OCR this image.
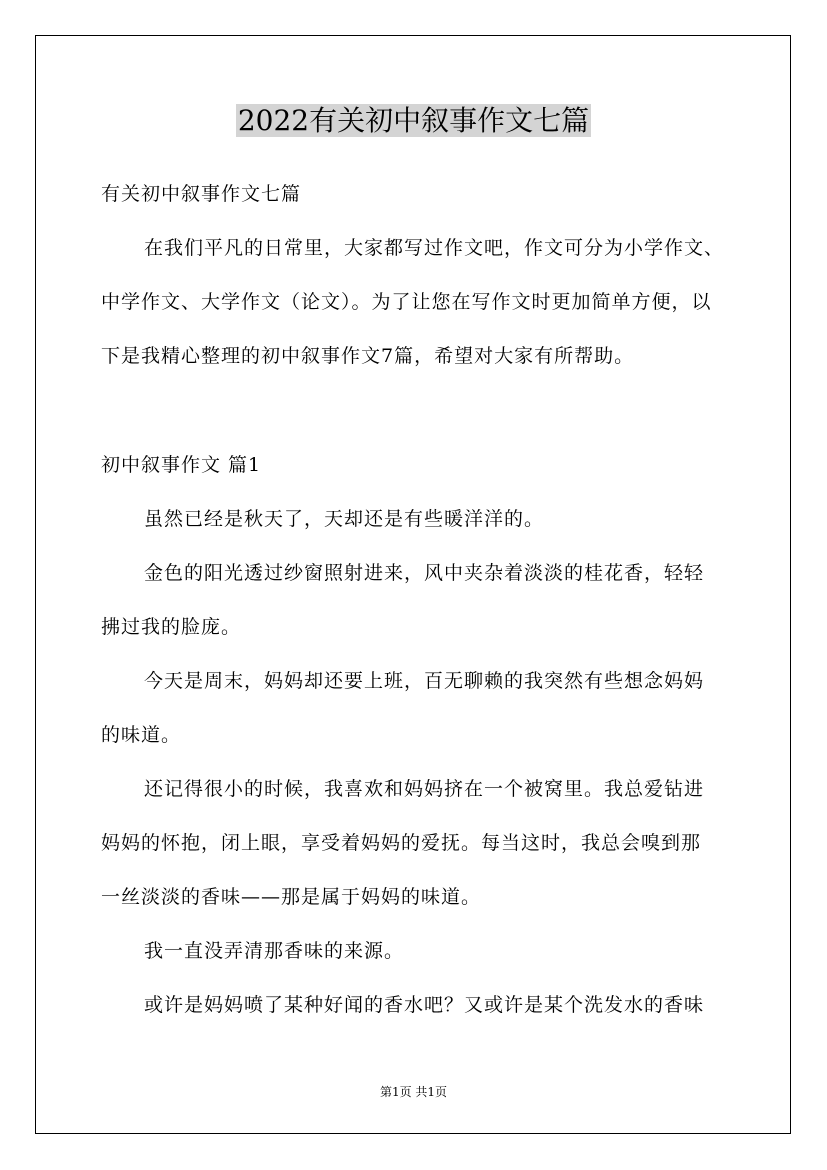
2022有关初中叙事作文七篇
有关初中叙事作文七篇
在我们平凡的日常里，大家都写过作文吧，作文可分为小学作文、
中学作文、大学作文（论文）。为了让您在写作文时更加简单方便，以
下是我精心整理的初中叙事作文7篇，希望对大家有所帮助。
初中叙事作文 篇1
虽然已经是秋天了，天却还是有些暖洋洋的。
金色的阳光透过纱窗照射进来，风中夹杂着淡淡的桂花香，轻轻
拂过我的脸庞。
今天是周末，妈妈却还要上班，百无聊赖的我突然有些想念妈妈
的味道。
还记得很小的时候，我喜欢和妈妈挤在一个被窝里。我总爱钻进
妈妈的怀抱，闭上眼，享受着妈妈的爱抚。每当这时，我总会嗅到那
一丝淡淡的香味——那是属于妈妈的味道。
我一直没弄清那香味的来源。
或许是妈妈喷了某种好闻的香水吧？又或许是某个洗发水的香味
第1页 共1页
